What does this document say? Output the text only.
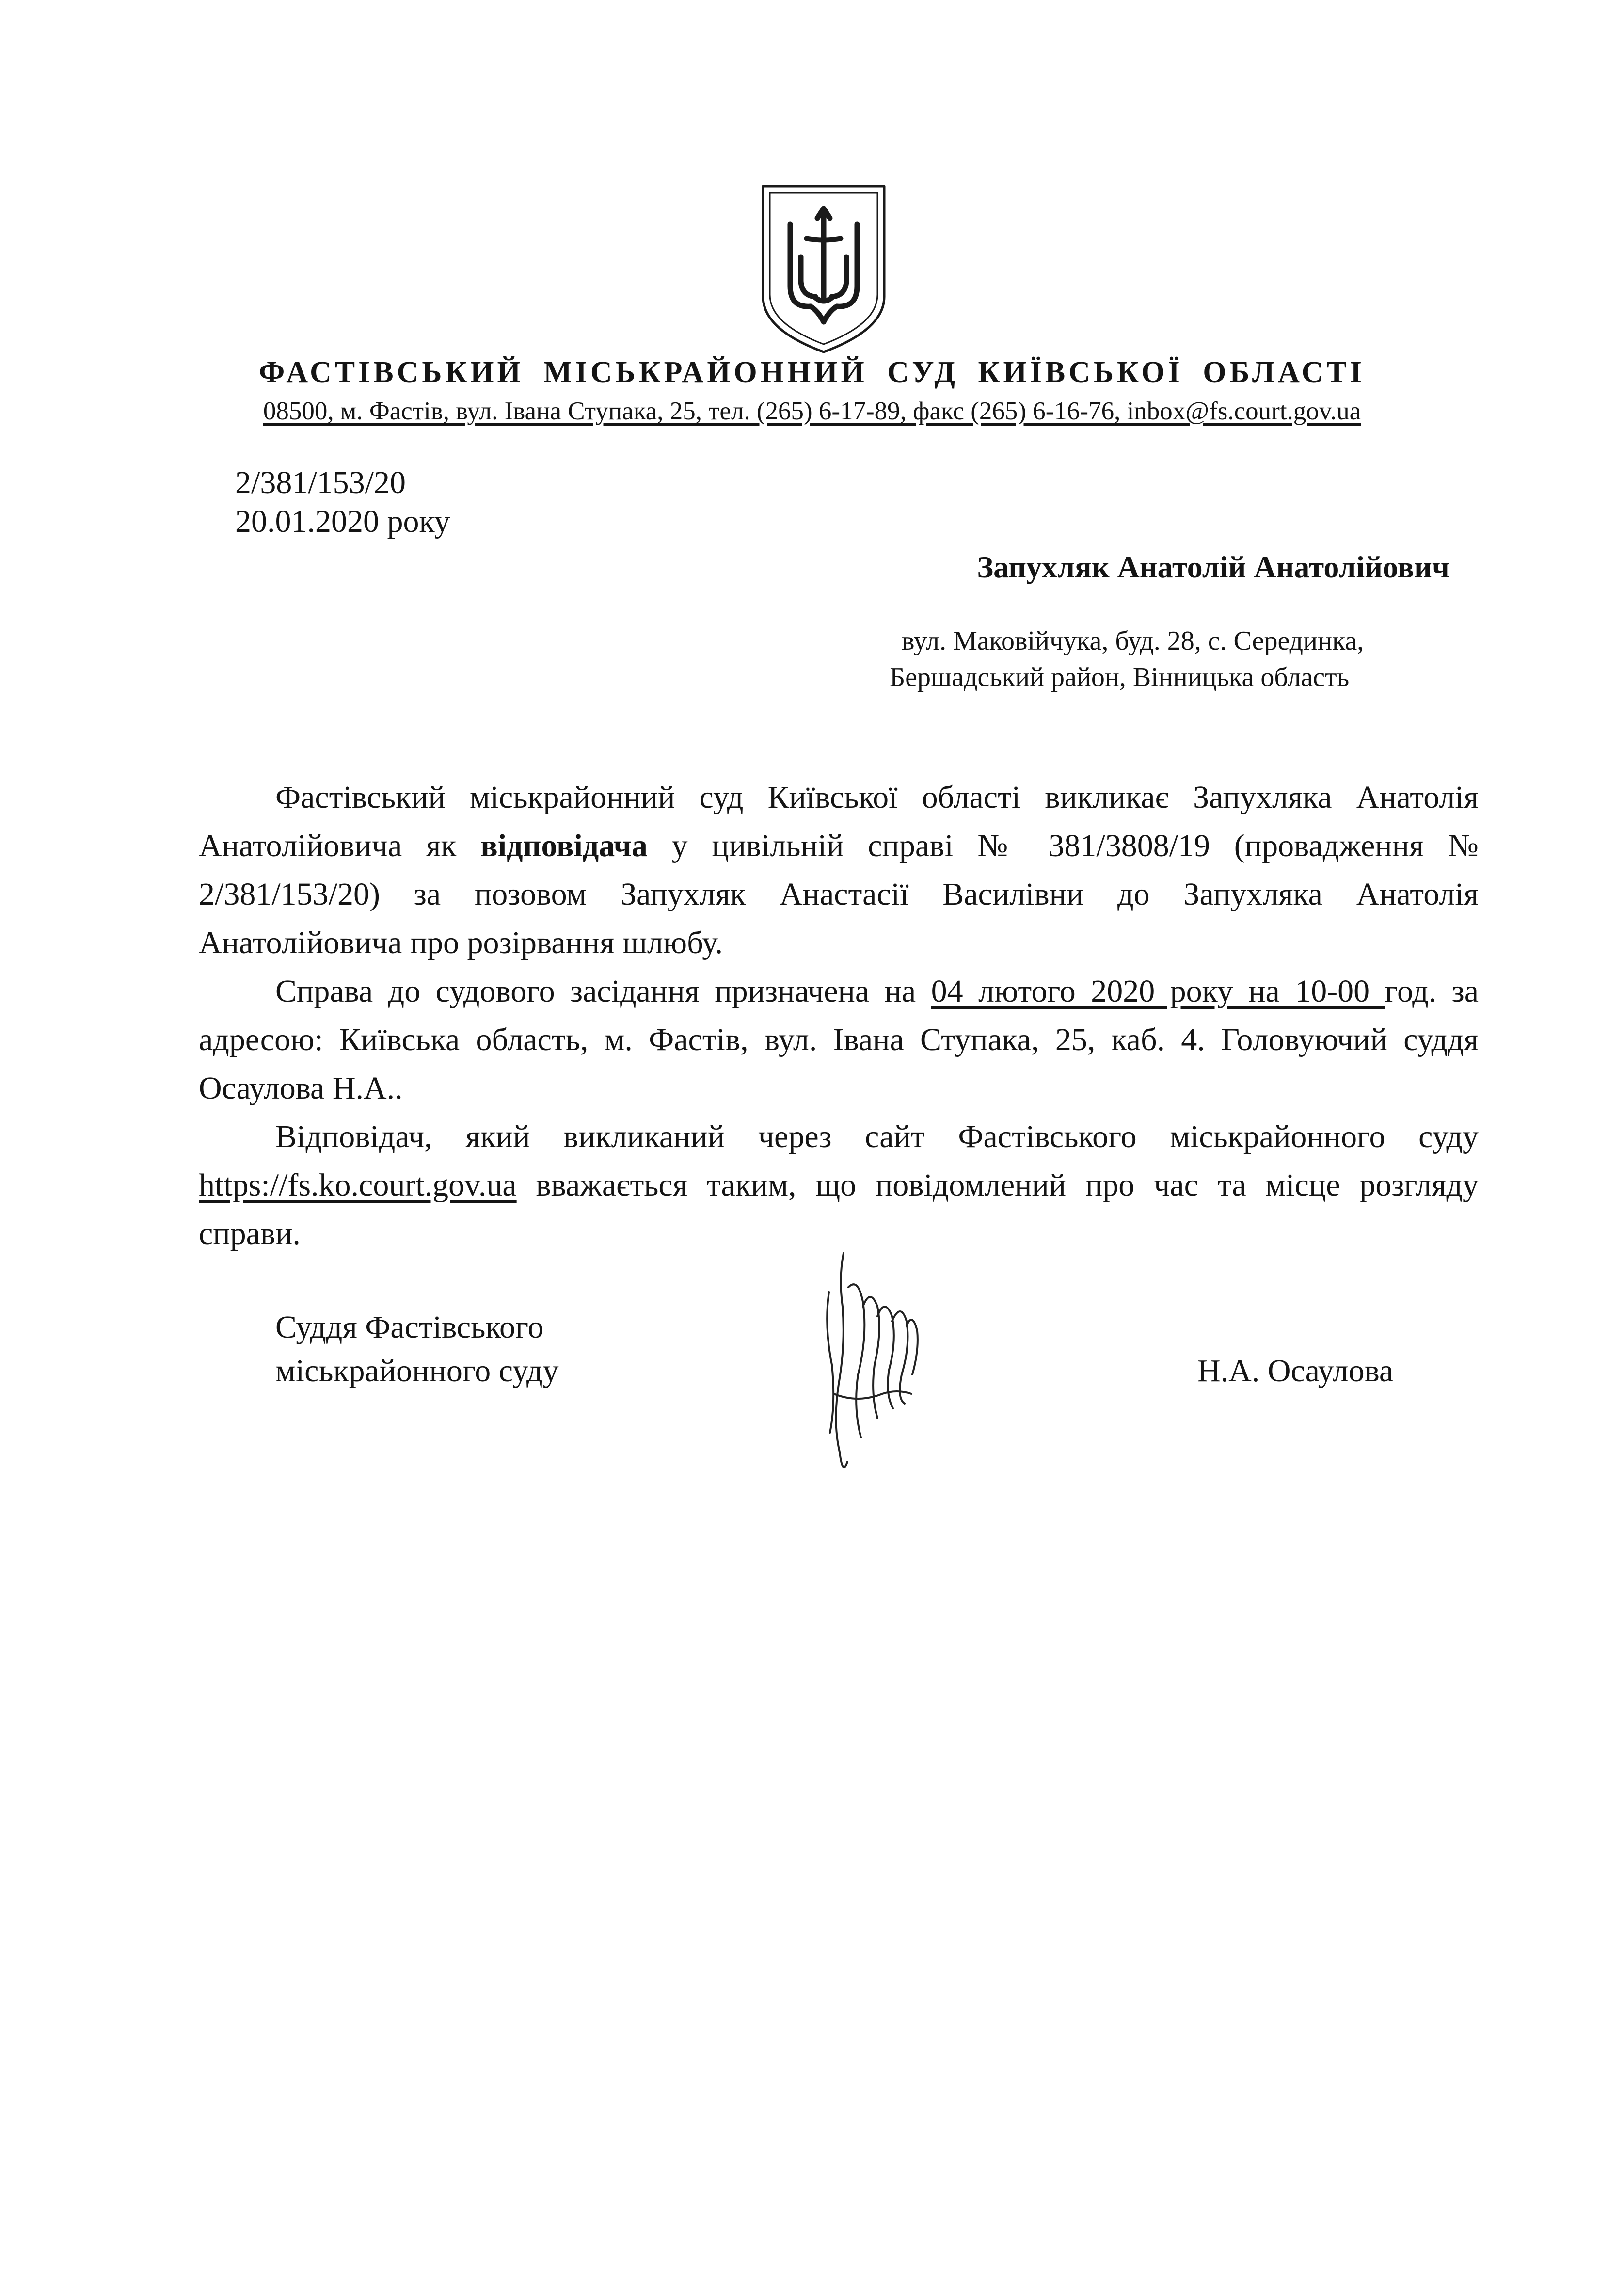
ФАСТІВСЬКИЙ МІСЬКРАЙОННИЙ СУД КИЇВСЬКОЇ ОБЛАСТІ
08500, м. Фастів, вул. Івана Ступака, 25, тел. (265) 6-17-89, факс (265) 6-16-76, inbox@fs.court.gov.ua
2/381/153/20
20.01.2020 року
Запухляк Анатолій Анатолійович
вул. Маковійчука, буд. 28, с. Серединка,
Бершадський район, Вінницька область

Фастівський міськрайонний суд Київської області викликає Запухляка Анатолія Анатолійовича як відповідача у цивільній справі № 381/3808/19 (провадження № 2/381/153/20) за позовом Запухляк Анастасії Василівни до Запухляка Анатолія Анатолійовича про розірвання шлюбу.

Справа до судового засідання призначена на 04 лютого 2020 року на 10-00 год. за адресою: Київська область, м. Фастів, вул. Івана Ступака, 25, каб. 4. Головуючий суддя Осаулова Н.А..

Відповідач, який викликаний через сайт Фастівського міськрайонного суду https://fs.ko.court.gov.ua вважається таким, що повідомлений про час та місце розгляду справи.

Суддя Фастівського
міськрайонного суду	Н.А. Осаулова
